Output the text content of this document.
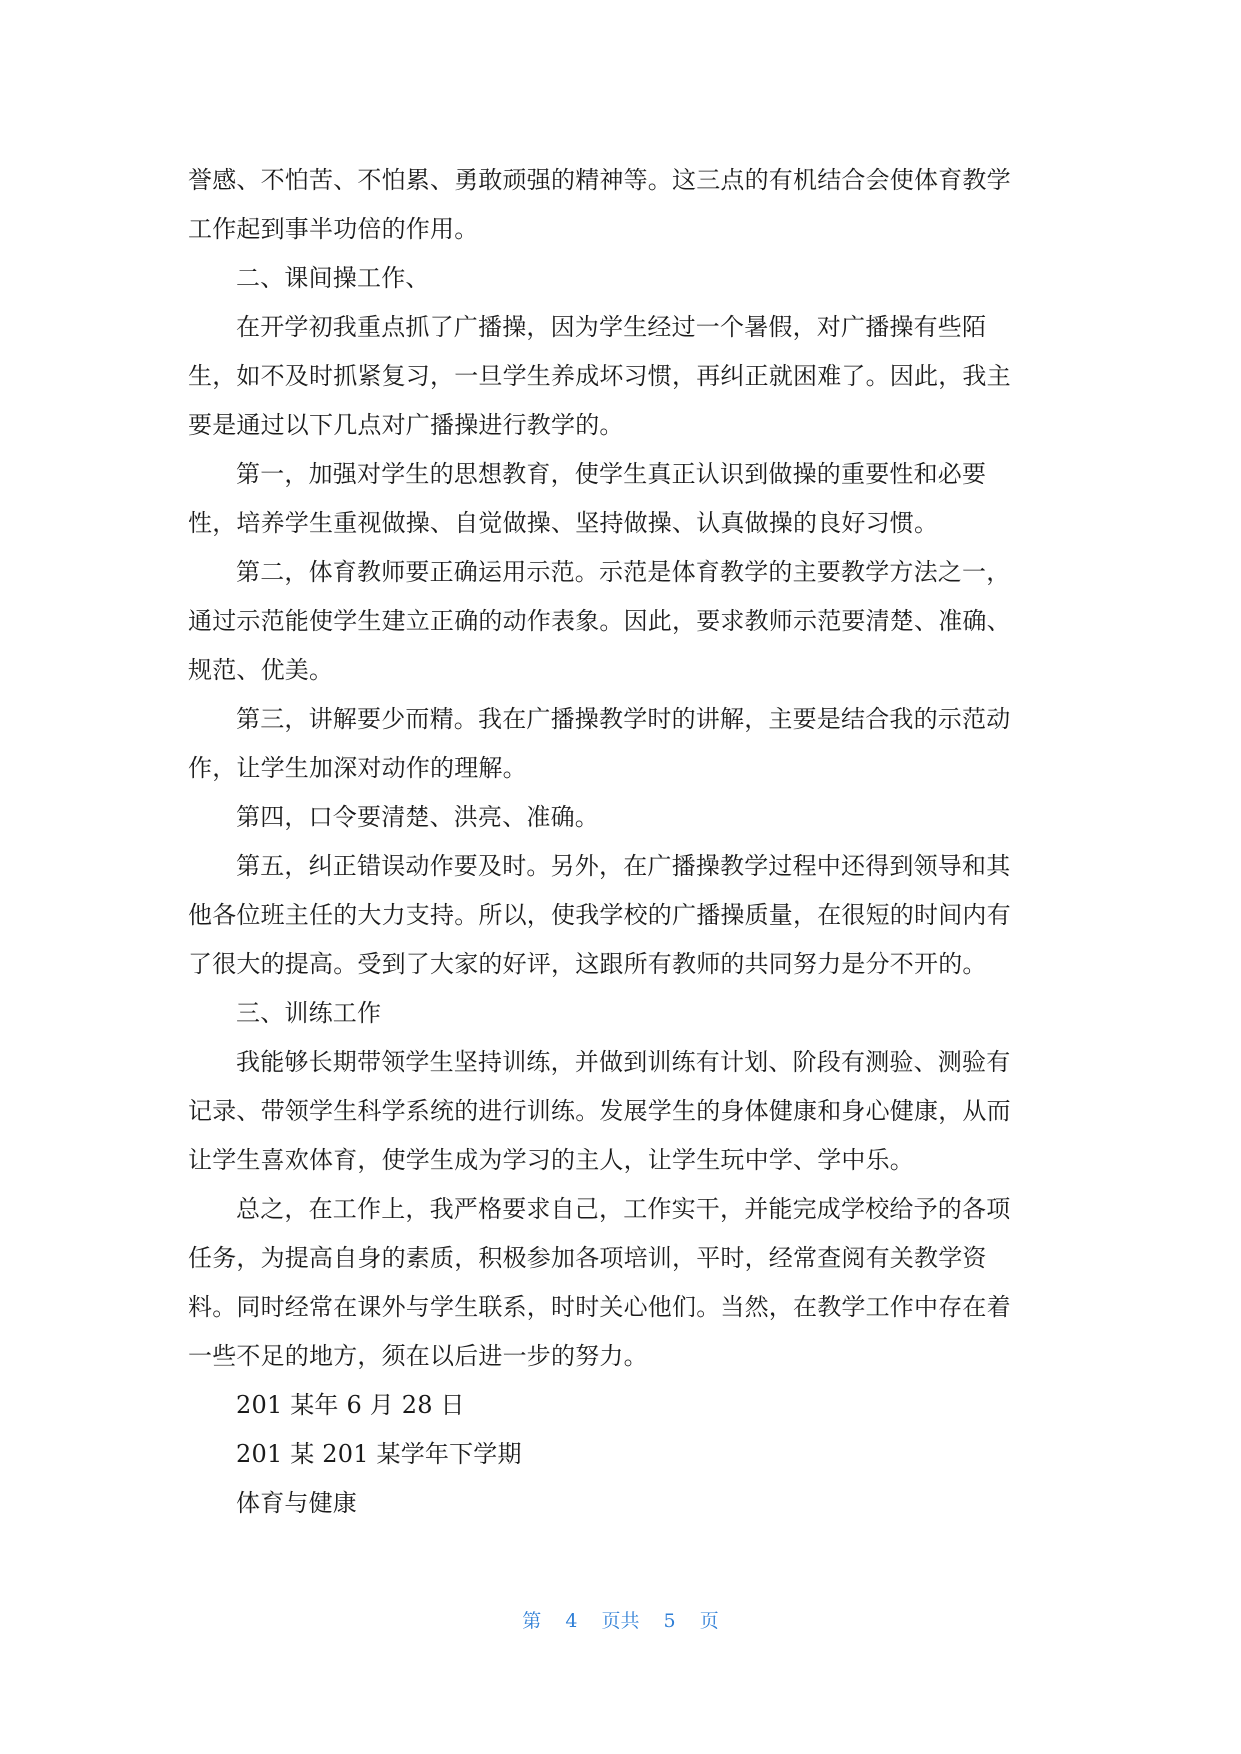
誉感、不怕苦、不怕累、勇敢顽强的精神等。这三点的有机结合会使体育教学
工作起到事半功倍的作用。
二、课间操工作、
在开学初我重点抓了广播操，因为学生经过一个暑假，对广播操有些陌
生，如不及时抓紧复习，一旦学生养成坏习惯，再纠正就困难了。因此，我主
要是通过以下几点对广播操进行教学的。
第一，加强对学生的思想教育，使学生真正认识到做操的重要性和必要
性，培养学生重视做操、自觉做操、坚持做操、认真做操的良好习惯。
第二，体育教师要正确运用示范。示范是体育教学的主要教学方法之一，
通过示范能使学生建立正确的动作表象。因此，要求教师示范要清楚、准确、
规范、优美。
第三，讲解要少而精。我在广播操教学时的讲解，主要是结合我的示范动
作，让学生加深对动作的理解。
第四，口令要清楚、洪亮、准确。
第五，纠正错误动作要及时。另外，在广播操教学过程中还得到领导和其
他各位班主任的大力支持。所以，使我学校的广播操质量，在很短的时间内有
了很大的提高。受到了大家的好评，这跟所有教师的共同努力是分不开的。
三、训练工作
我能够长期带领学生坚持训练，并做到训练有计划、阶段有测验、测验有
记录、带领学生科学系统的进行训练。发展学生的身体健康和身心健康，从而
让学生喜欢体育，使学生成为学习的主人，让学生玩中学、学中乐。
总之，在工作上，我严格要求自己，工作实干，并能完成学校给予的各项
任务，为提高自身的素质，积极参加各项培训，平时，经常查阅有关教学资
料。同时经常在课外与学生联系，时时关心他们。当然，在教学工作中存在着
一些不足的地方，须在以后进一步的努力。
201 某年 6 月 28 日
201 某 201 某学年下学期
体育与健康
第 4 页共 5 页
